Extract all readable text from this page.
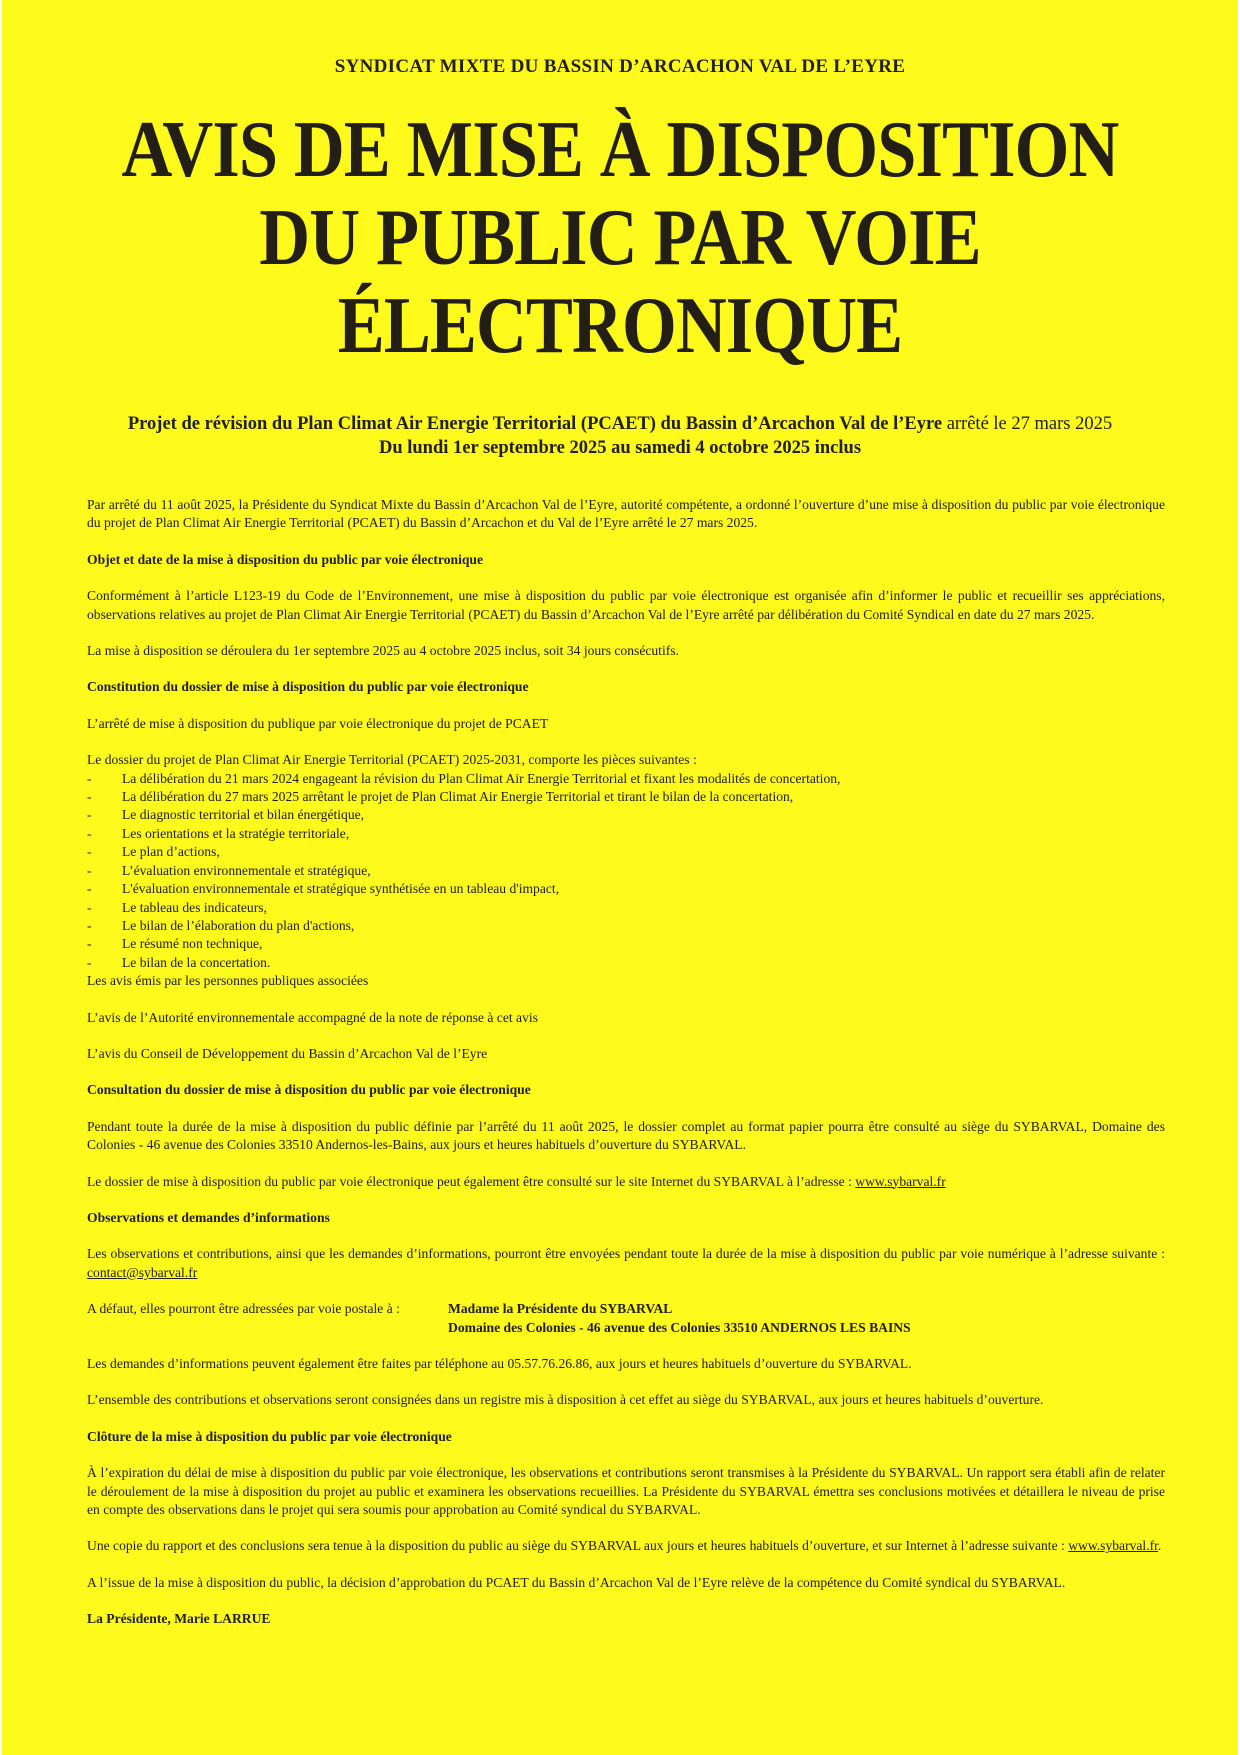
SYNDICAT MIXTE DU BASSIN D’ARCACHON VAL DE L’EYRE
AVIS DE MISE À DISPOSITION
DU PUBLIC PAR VOIE
ÉLECTRONIQUE
Projet de révision du Plan Climat Air Energie Territorial (PCAET) du Bassin d’Arcachon Val de l’Eyre arrêté le 27 mars 2025
Du lundi 1er septembre 2025 au samedi 4 octobre 2025 inclus

Par arrêté du 11 août 2025, la Présidente du Syndicat Mixte du Bassin d’Arcachon Val de l’Eyre, autorité compétente, a ordonné l’ouverture d’une mise à disposition du public par voie électronique du projet de Plan Climat Air Energie Territorial (PCAET) du Bassin d’Arcachon et du Val de l’Eyre arrêté le 27 mars 2025.

Objet et date de la mise à disposition du public par voie électronique

Conformément à l’article L123-19 du Code de l’Environnement, une mise à disposition du public par voie électronique est organisée afin d’informer le public et recueillir ses appréciations, observations relatives au projet de Plan Climat Air Energie Territorial (PCAET) du Bassin d’Arcachon Val de l’Eyre arrêté par délibération du Comité Syndical en date du 27 mars 2025.

La mise à disposition se déroulera du 1er septembre 2025 au 4 octobre 2025 inclus, soit 34 jours consécutifs.

Constitution du dossier de mise à disposition du public par voie électronique

L’arrêté de mise à disposition du publique par voie électronique du projet de PCAET

Le dossier du projet de Plan Climat Air Energie Territorial (PCAET) 2025-2031, comporte les pièces suivantes :

- La délibération du 21 mars 2024 engageant la révision du Plan Climat Air Energie Territorial et fixant les modalités de concertation,
- La délibération du 27 mars 2025 arrêtant le projet de Plan Climat Air Energie Territorial et tirant le bilan de la concertation,
- Le diagnostic territorial et bilan énergétique,
- Les orientations et la stratégie territoriale,
- Le plan d’actions,
- L’évaluation environnementale et stratégique,
- L'évaluation environnementale et stratégique synthétisée en un tableau d'impact,
- Le tableau des indicateurs,
- Le bilan de l’élaboration du plan d'actions,
- Le résumé non technique,
- Le bilan de la concertation.

Les avis émis par les personnes publiques associées

L’avis de l’Autorité environnementale accompagné de la note de réponse à cet avis

L’avis du Conseil de Développement du Bassin d’Arcachon Val de l’Eyre

Consultation du dossier de mise à disposition du public par voie électronique

Pendant toute la durée de la mise à disposition du public définie par l’arrêté du 11 août 2025, le dossier complet au format papier pourra être consulté au siège du SYBARVAL, Domaine des Colonies - 46 avenue des Colonies 33510 Andernos-les-Bains, aux jours et heures habituels d’ouverture du SYBARVAL.

Le dossier de mise à disposition du public par voie électronique peut également être consulté sur le site Internet du SYBARVAL à l’adresse : www.sybarval.fr

Observations et demandes d’informations

Les observations et contributions, ainsi que les demandes d’informations, pourront être envoyées pendant toute la durée de la mise à disposition du public par voie numérique à l’adresse suivante : contact@sybarval.fr

A défaut, elles pourront être adressées par voie postale à :	Madame la Présidente du SYBARVAL
Domaine des Colonies - 46 avenue des Colonies 33510 ANDERNOS LES BAINS

Les demandes d’informations peuvent également être faites par téléphone au 05.57.76.26.86, aux jours et heures habituels d’ouverture du SYBARVAL.

L’ensemble des contributions et observations seront consignées dans un registre mis à disposition à cet effet au siège du SYBARVAL, aux jours et heures habituels d’ouverture.

Clôture de la mise à disposition du public par voie électronique

À l’expiration du délai de mise à disposition du public par voie électronique, les observations et contributions seront transmises à la Présidente du SYBARVAL. Un rapport sera établi afin de relater le déroulement de la mise à disposition du projet au public et examinera les observations recueillies. La Présidente du SYBARVAL émettra ses conclusions motivées et détaillera le niveau de prise en compte des observations dans le projet qui sera soumis pour approbation au Comité syndical du SYBARVAL.

Une copie du rapport et des conclusions sera tenue à la disposition du public au siège du SYBARVAL aux jours et heures habituels d’ouverture, et sur Internet à l’adresse suivante : www.sybarval.fr.

A l’issue de la mise à disposition du public, la décision d’approbation du PCAET du Bassin d’Arcachon Val de l’Eyre relève de la compétence du Comité syndical du SYBARVAL.

La Présidente, Marie LARRUE
